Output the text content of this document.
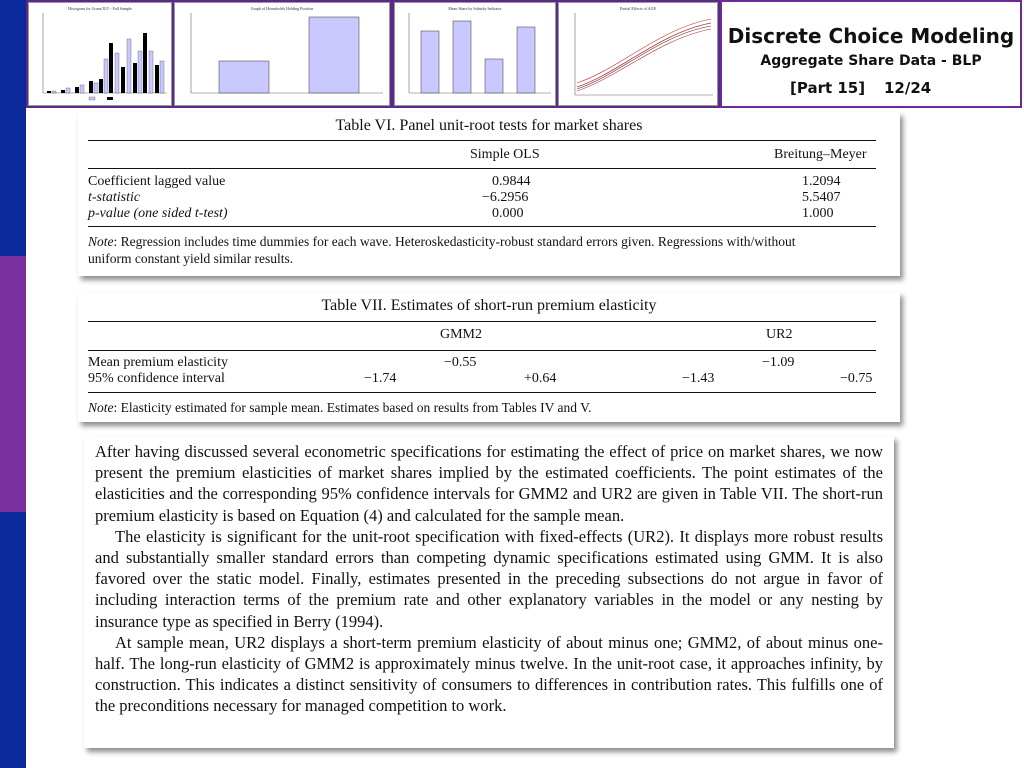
Histogram for Gruns/IGT - Full Sample	Graph of Households Holding Position	Mean Share by Subsidy Indicator	Partial Effects of AGE
Discrete Choice Modeling
Aggregate Share Data - BLP
[Part 15] 12/24
Table VI. Panel unit-root tests for market shares
Simple OLS	Breitung–Meyer
Coefficient lagged value	0.9844	1.2094
t-statistic	−6.2956	5.5407
p-value (one sided t-test)	0.000	1.000
Note: Regression includes time dummies for each wave. Heteroskedasticity-robust standard errors given. Regressions with/without
uniform constant yield similar results.
Table VII. Estimates of short-run premium elasticity
GMM2	UR2
Mean premium elasticity	−0.55	−1.09
95% confidence interval	−1.74	+0.64	−1.43	−0.75
Note: Elasticity estimated for sample mean. Estimates based on results from Tables IV and V.

After having discussed several econometric specifications for estimating the effect of price on market shares, we now present the premium elasticities of market shares implied by the estimated coefficients. The point estimates of the elasticities and the corresponding 95% confidence intervals for GMM2 and UR2 are given in Table VII. The short-run premium elasticity is based on Equation (4) and calculated for the sample mean.

The elasticity is significant for the unit-root specification with fixed-effects (UR2). It displays more robust results and substantially smaller standard errors than competing dynamic specifications estimated using GMM. It is also favored over the static model. Finally, estimates presented in the preceding subsections do not argue in favor of including interaction terms of the premium rate and other explanatory variables in the model or any nesting by insurance type as specified in Berry (1994).

At sample mean, UR2 displays a short-term premium elasticity of about minus one; GMM2, of about minus one-half. The long-run elasticity of GMM2 is approximately minus twelve. In the unit-root case, it approaches infinity, by construction. This indicates a distinct sensitivity of consumers to differences in contribution rates. This fulfills one of the preconditions necessary for managed competition to work.
